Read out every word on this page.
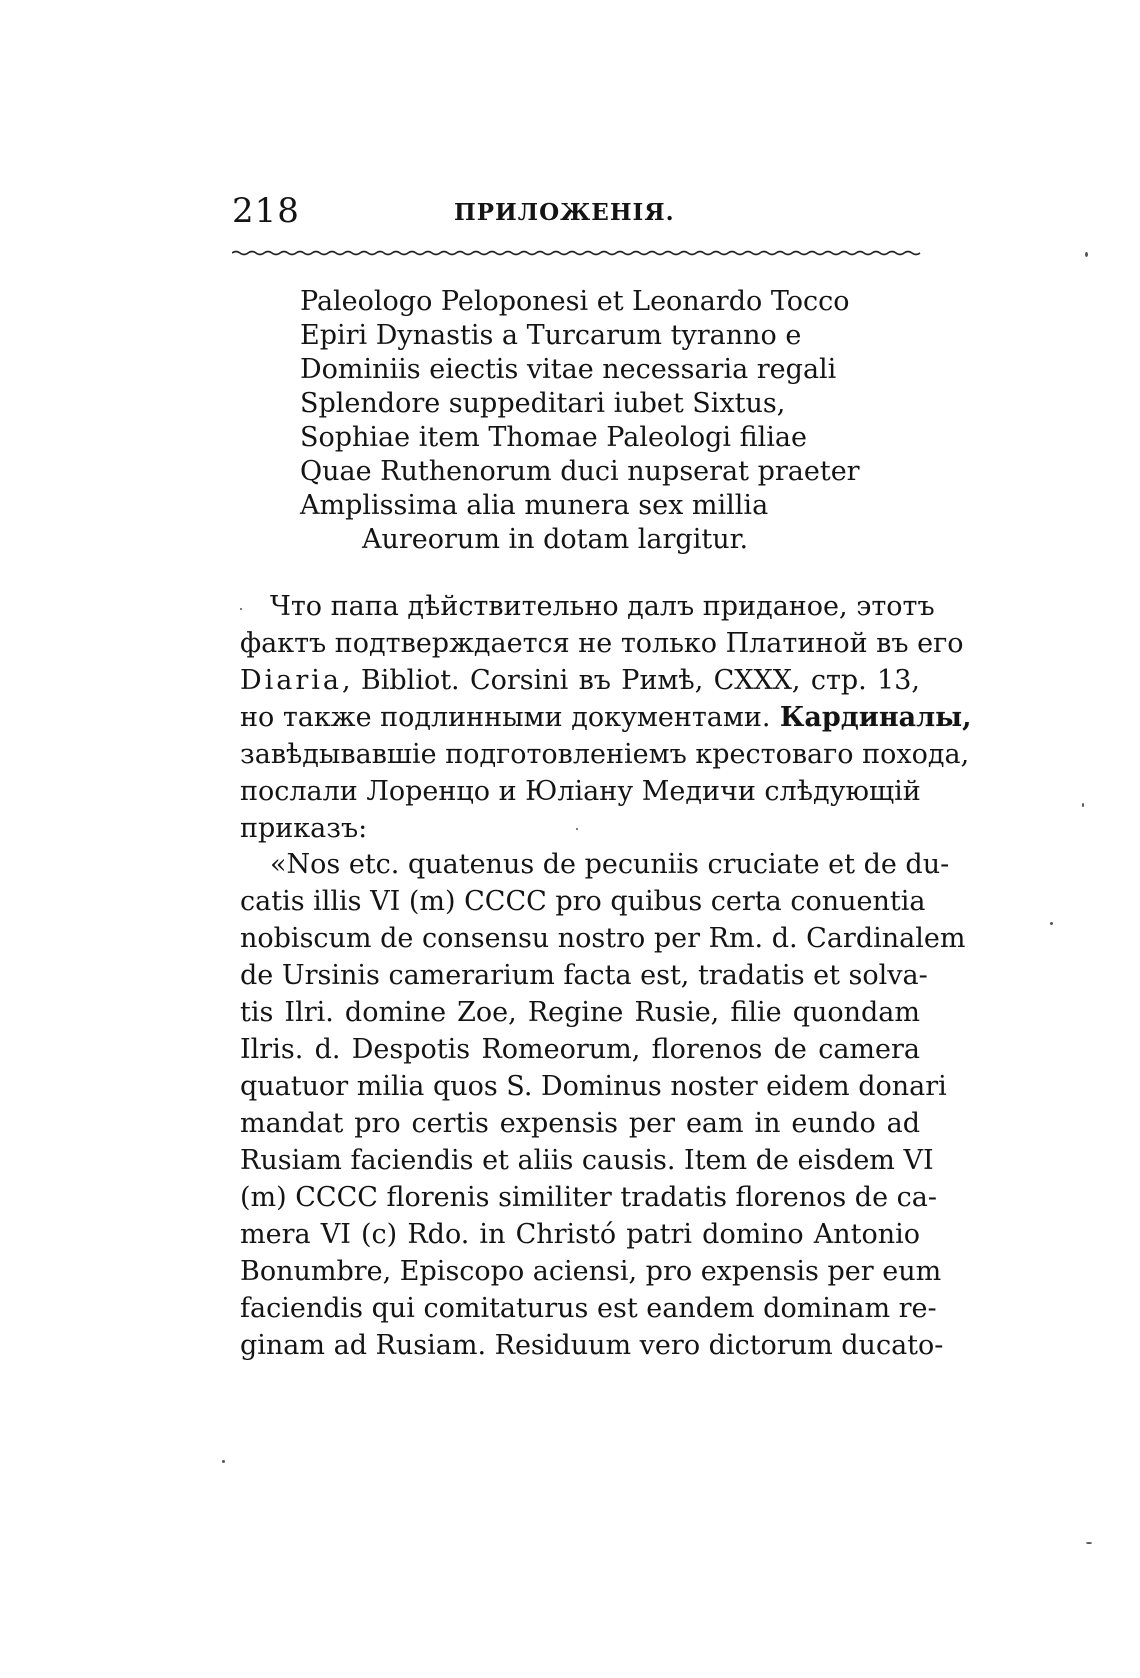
218	ПРИЛОЖЕНІЯ.
Paleologo Peloponesi et Leonardo Tocco
Epiri Dynastis a Turcarum tyranno e
Dominiis eiectis vitae necessaria regali
Splendore suppeditari iubet Sixtus,
Sophiae item Thomae Paleologi filiae
Quae Ruthenorum duci nupserat praeter
Amplissima alia munera sex millia
Aureorum in dotam largitur.
Что папа дѣйствительно далъ приданое, этотъ
фактъ подтверждается не только Платиной въ его
Diaria, Bibliot. Corsini въ Римѣ, CXXX, стр. 13,
но также подлинными документами. Кардиналы,
завѣдывавшіе подготовленіемъ крестоваго похода,
послали Лоренцо и Юліану Медичи слѣдующій
приказъ:
«Nos etc. quatenus de pecuniis cruciate et de du-
catis illis VI (m) CCCC pro quibus certa conuentia
nobiscum de consensu nostro per Rm. d. Cardinalem
de Ursinis camerarium facta est, tradatis et solva-
tis Ilri. domine Zoe, Regine Rusie, filie quondam
Ilris. d. Despotis Romeorum, florenos de camera
quatuor milia quos S. Dominus noster eidem donari
mandat pro certis expensis per eam in eundo ad
Rusiam faciendis et aliis causis. Item de eisdem VI
(m) CCCC florenis similiter tradatis florenos de ca-
mera VI (c) Rdo. in Christó patri domino Antonio
Bonumbre, Episcopo aciensi, pro expensis per eum
faciendis qui comitaturus est eandem dominam re-
ginam ad Rusiam. Residuum vero dictorum ducato-
